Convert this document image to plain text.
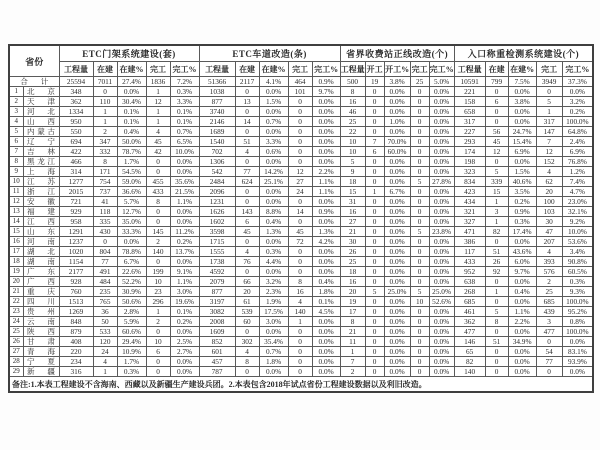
省份		ETC门架系统建设(套)					ETC车道改造(条)					省界收费站正线改造(个)					入口称重检测系统建设(个)				
		工程量	在建	在建%	完工	完工%	工程量	在建	在建%	完工	完工%	工程量	开工	开工%	完工	完工%	工程量	在建	在建%	完工	完工%

合计		25594	7011	27.4%	1836	7.2%	51366	2117	4.1%	464	0.9%	500	19	3.8%	25	5.0%	10591	799	7.5%	3949	37.3%
1	北京	348	0	0.0%	1	0.3%	1038	0	0.0%	101	9.7%	8	0	0.0%	0	0.0%	221	0	0.0%	0	0.0%
2	天津	362	110	30.4%	12	3.3%	877	13	1.5%	0	0.0%	16	0	0.0%	0	0.0%	158	6	3.8%	5	3.2%
3	河北	1334	1	0.1%	1	0.1%	3740	0	0.0%	0	0.0%	46	0	0.0%	0	0.0%	658	0	0.0%	1	0.2%
4	山西	950	1	0.1%	1	0.1%	2146	14	0.7%	0	0.0%	25	0	1.0%	0	0.0%	317	0	0.0%	317	100.0%
5	内蒙古	550	2	0.4%	4	0.7%	1689	0	0.0%	0	0.0%	22	0	0.0%	0	0.0%	227	56	24.7%	147	64.8%
6	辽宁	694	347	50.0%	45	6.5%	1540	51	3.3%	0	0.0%	10	7	70.0%	0	0.0%	293	45	15.4%	7	2.4%
7	吉林	422	332	78.7%	42	10.0%	702	4	0.6%	0	0.0%	10	6	60.0%	0	0.0%	174	12	6.9%	12	6.9%
8	黑龙江	466	8	1.7%	0	0.0%	1306	0	0.0%	0	0.0%	5	0	0.0%	0	0.0%	198	0	0.0%	152	76.8%
9	上海	314	171	54.5%	0	0.0%	542	77	14.2%	12	2.2%	9	0	0.0%	0	0.0%	323	5	1.5%	4	1.2%
10	江苏	1277	754	59.0%	455	35.6%	2484	624	25.1%	27	1.1%	18	0	0.0%	5	27.8%	834	339	40.6%	62	7.4%
11	浙江	2015	737	36.6%	433	21.5%	2096	0	0.0%	24	1.1%	15	1	6.7%	0	0.0%	423	15	3.5%	20	4.7%
12	安徽	721	41	5.7%	8	1.1%	1231	0	0.0%	0	0.0%	31	0	0.0%	0	0.0%	434	1	0.2%	100	23.0%
13	福建	929	118	12.7%	0	0.0%	1626	143	8.8%	14	0.9%	16	0	0.0%	0	0.0%	321	3	0.9%	103	32.1%
14	江西	958	335	35.0%	0	0.0%	1602	6	0.4%	0	0.0%	27	0	0.0%	0	0.0%	327	1	0.3%	30	9.2%
15	山东	1291	430	33.3%	145	11.2%	3598	45	1.3%	45	1.3%	21	0	0.0%	5	23.8%	471	82	17.4%	47	10.0%
16	河南	1237	0	0.0%	2	0.2%	1715	0	0.0%	72	4.2%	30	0	0.0%	0	0.0%	386	0	0.0%	207	53.6%
17	湖北	1020	804	78.8%	140	13.7%	1555	4	0.3%	0	0.0%	26	0	0.0%	0	0.0%	117	51	43.6%	4	3.4%
18	湖南	1154	77	6.7%	0	0.0%	1738	76	4.4%	0	0.0%	25	0	0.0%	0	0.0%	433	26	6.0%	393	90.8%
19	广东	2177	491	22.6%	199	9.1%	4592	0	0.0%	0	0.0%	18	0	0.0%	0	0.0%	952	92	9.7%	576	60.5%
20	广西	928	484	52.2%	10	1.1%	2079	66	3.2%	8	0.4%	16	0	0.0%	0	0.0%	638	0	0.0%	2	0.3%
21	重庆	760	235	30.9%	23	3.0%	877	20	2.3%	16	1.8%	20	5	25.0%	5	25.0%	268	1	0.4%	25	9.3%
22	四川	1513	765	50.6%	296	19.6%	3197	61	1.9%	4	0.1%	19	0	0.0%	10	52.6%	685	0	0.0%	685	100.0%
23	贵州	1269	36	2.8%	1	0.1%	3082	539	17.5%	140	4.5%	17	0	0.0%	0	0.0%	461	5	1.1%	439	95.2%
24	云南	848	50	5.9%	2	0.2%	2008	60	3.0%	1	0.0%	8	0	0.0%	0	0.0%	362	8	2.2%	3	0.8%
25	陕西	879	533	60.6%	0	0.0%	1609	0	0.0%	0	0.0%	21	0	0.0%	0	0.0%	477	0	0.0%	477	100.0%
26	甘肃	408	120	29.4%	10	2.5%	852	302	35.4%	0	0.0%	11	0	0.0%	0	0.0%	146	51	34.9%	0	0.0%
27	青海	220	24	10.9%	6	2.7%	601	4	0.7%	0	0.0%	1	0	0.0%	0	0.0%	65	0	0.0%	54	83.1%
28	宁夏	234	4	1.7%	0	0.0%	457	8	1.8%	0	0.0%	7	0	0.0%	0	0.0%	82	0	0.0%	77	93.9%
29	新疆	316	1	0.3%	0	0.0%	787	0	0.0%	0	0.0%	2	0	0.0%	0	0.0%	140	0	0.0%	0	0.0%
备注:1.本表工程建设不含海南、西藏以及新疆生产建设兵团。2.本表包含2018年试点省份工程建设数据以及利旧改造。																					
